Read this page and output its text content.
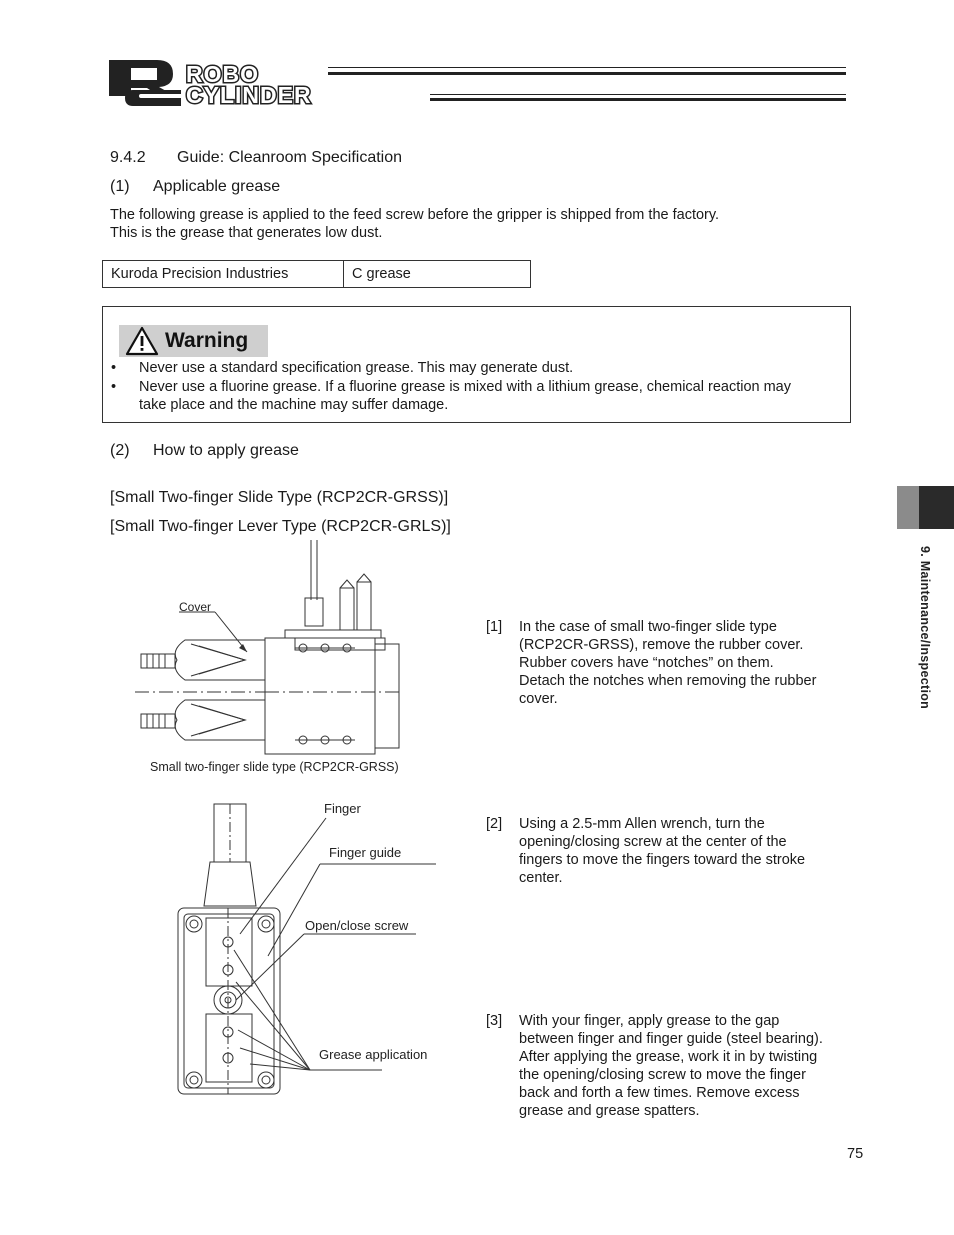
ROBO
CYLINDER
9.4.2 Guide: Cleanroom Specification
(1) Applicable grease
The following grease is applied to the feed screw before the gripper is shipped from the factory.
This is the grease that generates low dust.
Kuroda Precision Industries	C grease
Warning
•	Never use a standard specification grease. This may generate dust.
•	Never use a fluorine grease. If a fluorine grease is mixed with a lithium grease, chemical reaction may
take place and the machine may suffer damage.
(2) How to apply grease
[Small Two-finger Slide Type (RCP2CR-GRSS)]
[Small Two-finger Lever Type (RCP2CR-GRLS)]
Cover
Small two-finger slide type (RCP2CR-GRSS)
Finger
Finger guide
Open/close screw
Grease application
[1]	In the case of small two-finger slide type
(RCP2CR-GRSS), remove the rubber cover.
Rubber covers have “notches” on them.
Detach the notches when removing the rubber
cover.
[2]	Using a 2.5-mm Allen wrench, turn the
opening/closing screw at the center of the
fingers to move the fingers toward the stroke
center.
[3]	With your finger, apply grease to the gap
between finger and finger guide (steel bearing).
After applying the grease, work it in by twisting
the opening/closing screw to move the finger
back and forth a few times. Remove excess
grease and grease spatters.
9. Maintenance/Inspection
75
